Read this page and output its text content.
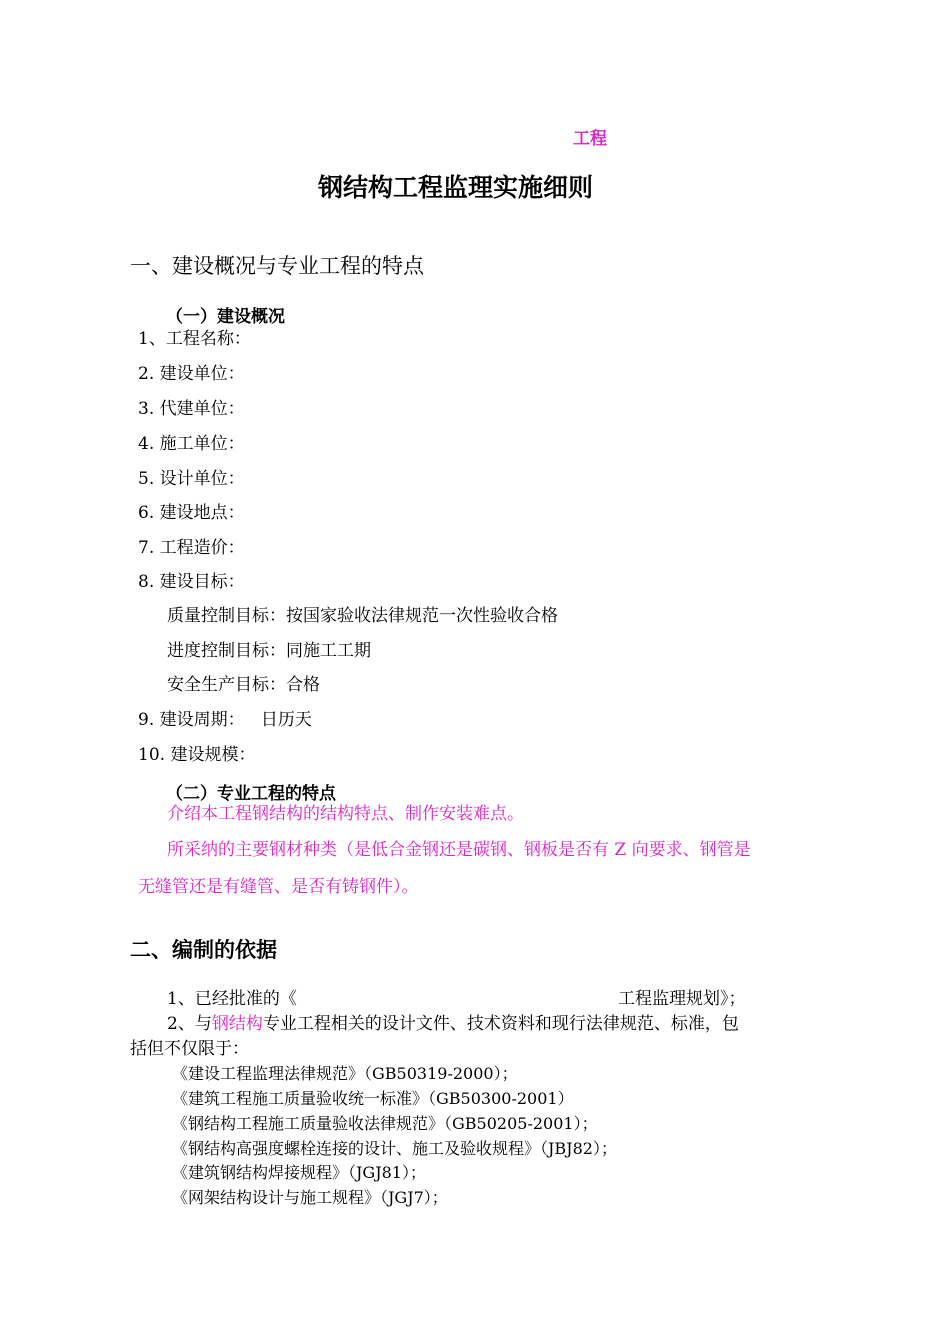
工程
钢结构工程监理实施细则
一、建设概况与专业工程的特点
（一）建设概况
1、工程名称：
2. 建设单位：
3. 代建单位：
4. 施工单位：
5. 设计单位：
6. 建设地点：
7. 工程造价：
8. 建设目标：
质量控制目标：按国家验收法律规范一次性验收合格
进度控制目标：同施工工期
安全生产目标：合格
9. 建设周期：   日历天
10. 建设规模：
（二）专业工程的特点
介绍本工程钢结构的结构特点、制作安装难点。
所采纳的主要钢材种类（是低合金钢还是碳钢、钢板是否有 Z 向要求、钢管是
无缝管还是有缝管、是否有铸钢件）。
二、编制的依据
1、已经批准的《	工程监理规划》；
2、与钢结构专业工程相关的设计文件、技术资料和现行法律规范、标准，包
括但不仅限于：
《建设工程监理法律规范》（GB50319-2000）；
《建筑工程施工质量验收统一标准》（GB50300-2001）
《钢结构工程施工质量验收法律规范》（GB50205-2001）；
《钢结构高强度螺栓连接的设计、施工及验收规程》（JBJ82）；
《建筑钢结构焊接规程》（JGJ81）；
《网架结构设计与施工规程》（JGJ7）；
